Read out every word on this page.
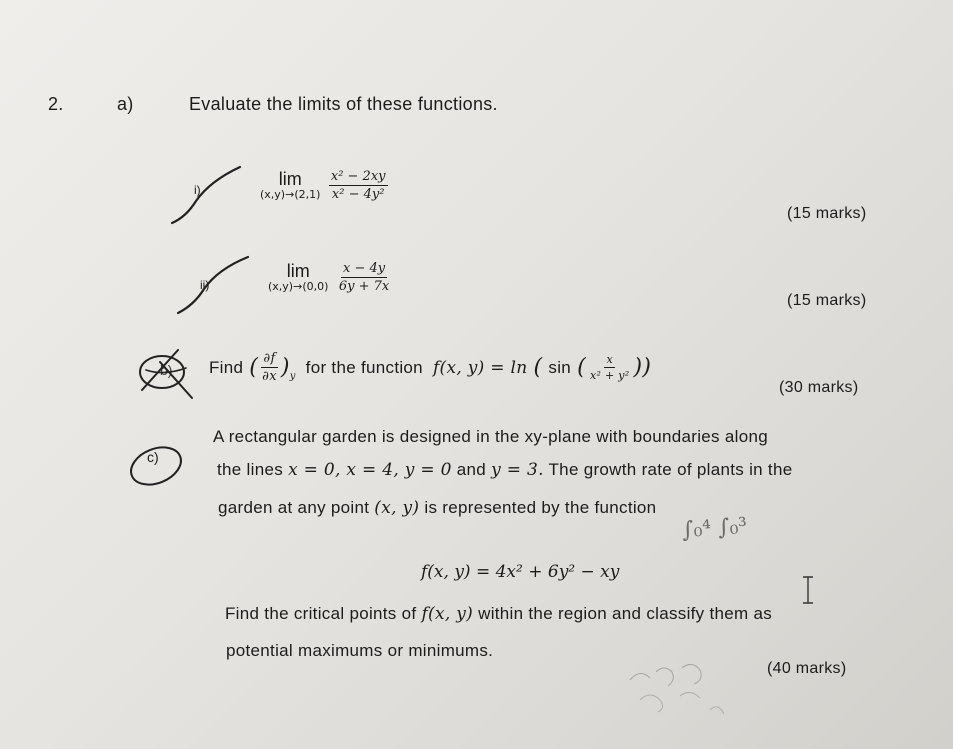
2.	a)	Evaluate the limits of these functions.
i)
lim
(x,y)→(2,1)
$\frac{\text{x² − 2xy}}{\text{x² − 4y²}}$
(15 marks)
ii)
lim
(x,y)→(0,0)
$\frac{x - 4y}{6y + 7x}$
(15 marks)
b) Find ( $\frac{\partial f}{\partial x}$ ) y for the function f(x, y) = ln ( sin ( $\frac{x}{\text{x² + y²}}$ ))
(30 marks)
c)
A rectangular garden is designed in the xy-plane with boundaries along
the lines x = 0, x = 4, y = 0 and y = 3. The growth rate of plants in the
garden at any point (x, y) is represented by the function
f(x, y) = 4x² + 6y² − xy
Find the critical points of f(x, y) within the region and classify them as
potential maximums or minimums.
(40 marks)
∫₀⁴ ∫₀³
